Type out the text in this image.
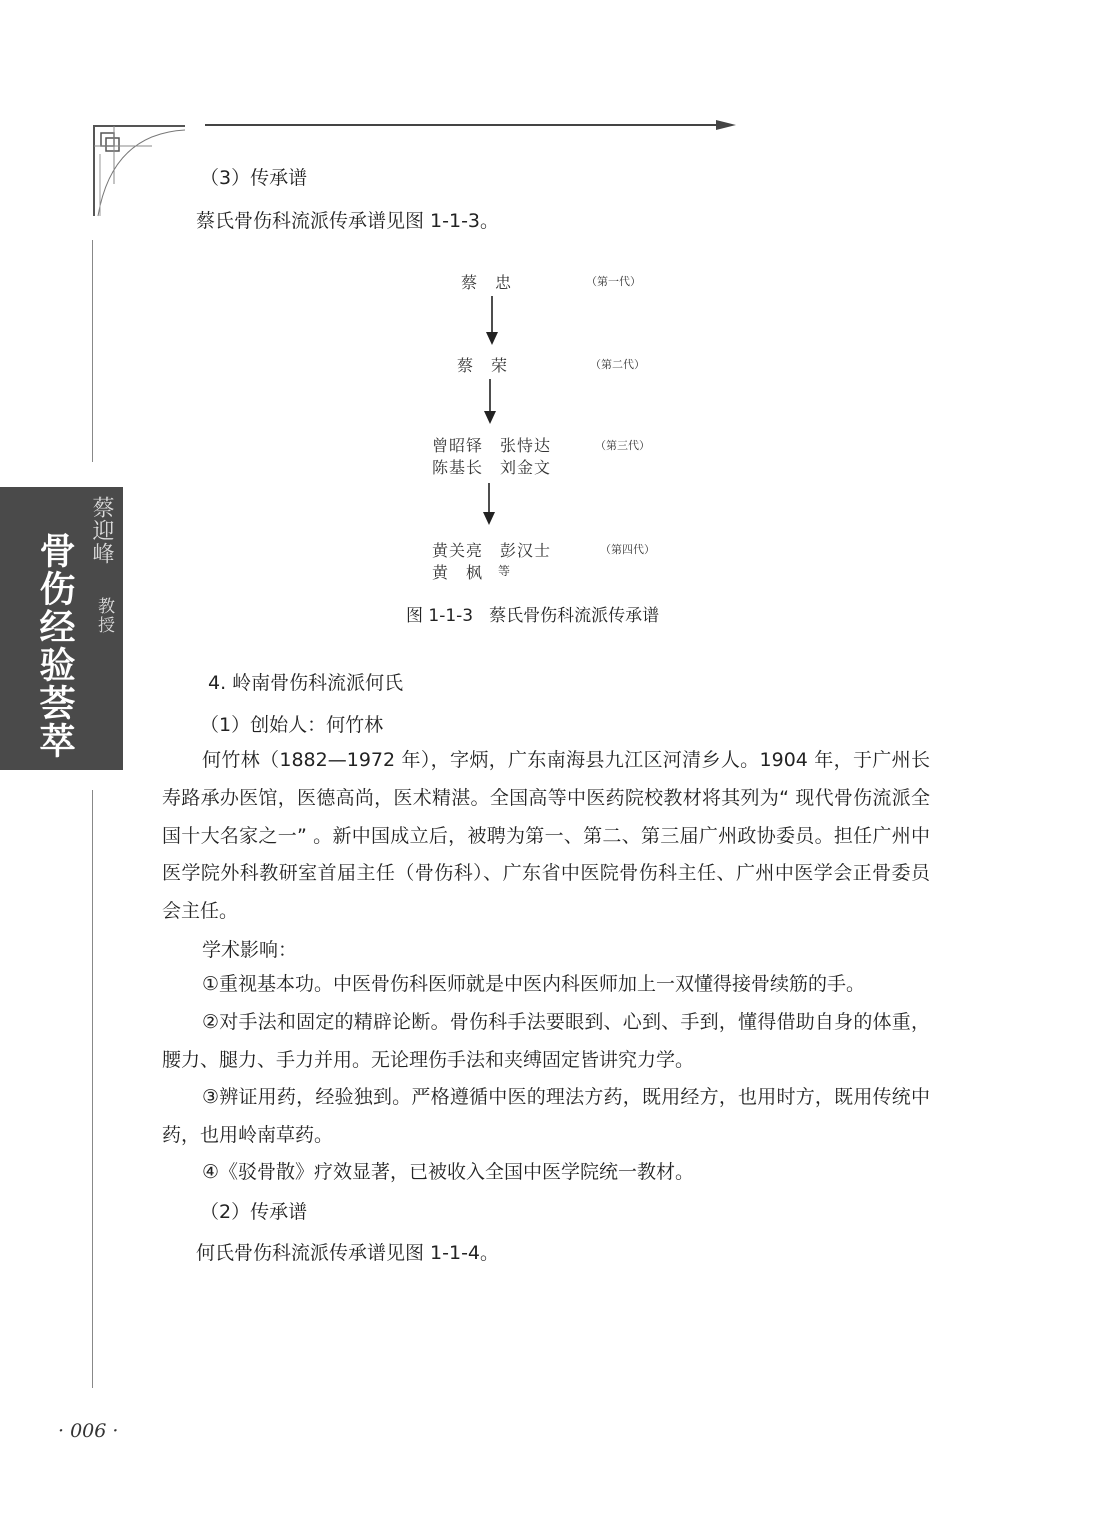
骨伤经验荟萃
蔡迎峰
教授
（3）传承谱
蔡氏骨伤科流派传承谱见图 1-1-3。
蔡　忠	（第一代）
蔡　荣	（第二代）
曾昭铎　张恃达
陈基长　刘金文
（第三代）
黄关亮　彭汉士
黄　枫 等
（第四代）
图 1-1-3 蔡氏骨伤科流派传承谱
4. 岭南骨伤科流派何氏
（1）创始人：何竹林
何竹林（1882—1972 年），字炳，广东南海县九江区河清乡人。1904 年，于广州长寿路承办医馆，医德高尚，医术精湛。全国高等中医药院校教材将其列为“ 现代骨伤流派全国十大名家之一” 。新中国成立后，被聘为第一、第二、第三届广州政协委员。担任广州中医学院外科教研室首届主任（骨伤科）、广东省中医院骨伤科主任、广州中医学会正骨委员会主任。
学术影响：
①重视基本功。中医骨伤科医师就是中医内科医师加上一双懂得接骨续筋的手。
②对手法和固定的精辟论断。骨伤科手法要眼到、心到、手到，懂得借助自身的体重，腰力、腿力、手力并用。无论理伤手法和夹缚固定皆讲究力学。
③辨证用药，经验独到。严格遵循中医的理法方药，既用经方，也用时方，既用传统中药，也用岭南草药。
④《驳骨散》疗效显著，已被收入全国中医学院统一教材。
（2）传承谱
何氏骨伤科流派传承谱见图 1-1-4。
· 006 ·
